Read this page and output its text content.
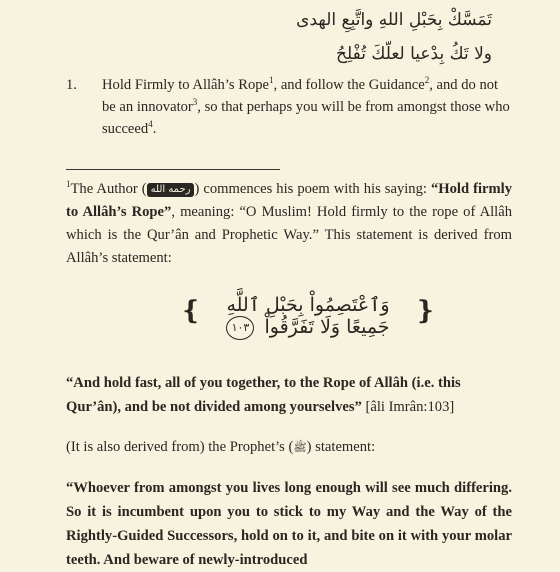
تَمَسَّكْ بِحَبْلِ اللهِ واتَّبِعِ الهدى
ولا تَكُ بِدْعيا لعلّكَ تُفْلِحُ
1. Hold Firmly to Allâh’s Rope$^1$, and follow the Guidance$^2$, and do not be an innovator$^3$, so that perhaps you will be from amongst those who succeed$^4$.
$^1$The Author ( رحمه الله ) commences his poem with his saying: “Hold firmly to Allâh’s Rope”, meaning: “O Muslim! Hold firmly to the rope of Allâh which is the Qur’ân and Prophetic Way.” This statement is derived from Allâh’s statement:
❴	وَٱعْتَصِمُواْ بِحَبْلِ ٱللَّهِ جَمِيعًا وَلَا تَفَرَّقُواْ ١٠٣
❵
“And hold fast, all of you together, to the Rope of Allâh (i.e. this Qur’ân), and be not divided among yourselves” [âli Imrân:103]
(It is also derived from) the Prophet’s (ﷺ) statement:
“Whoever from amongst you lives long enough will see much differing. So it is incumbent upon you to stick to my Way and the Way of the Rightly-Guided Successors, hold on to it, and bite on it with your molar teeth. And beware of newly-introduced
